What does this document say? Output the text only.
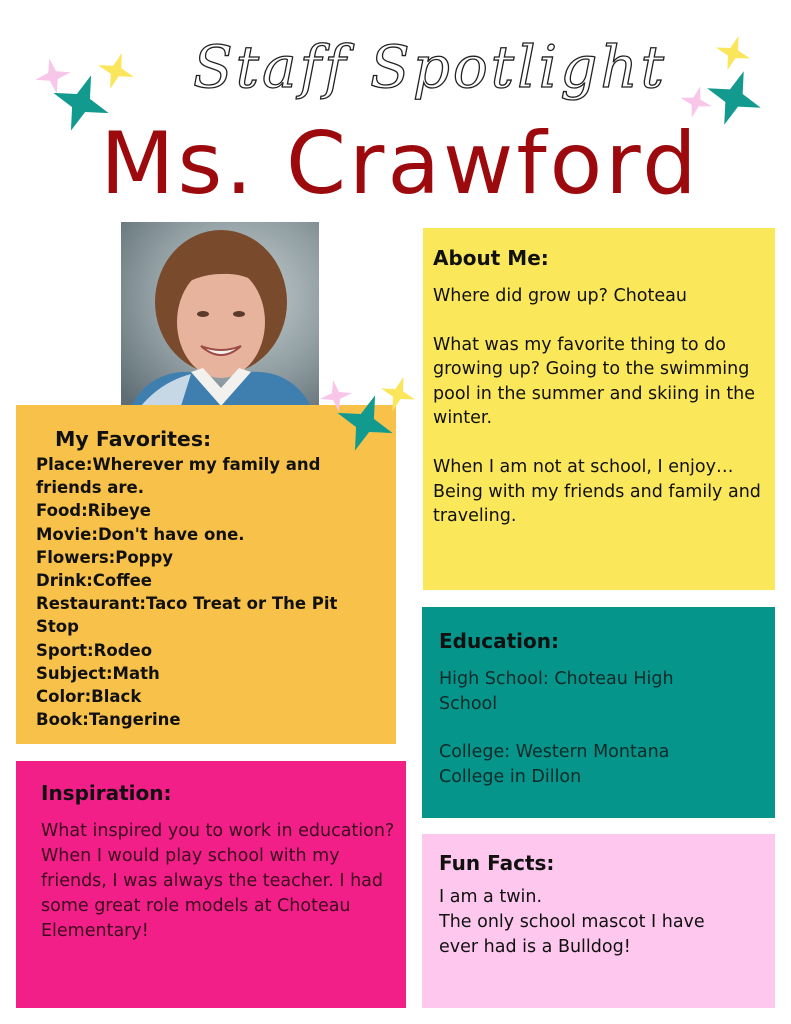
Staff Spotlight
Ms. Crawford
About Me:

Where did grow up? Choteau

What was my favorite thing to do growing up? Going to the swimming pool in the summer and skiing in the winter.

When I am not at school, I enjoy… Being with my friends and family and traveling.

My Favorites:
Place:Wherever my family and friends are.
Food:Ribeye
Movie:Don't have one.
Flowers:Poppy
Drink:Coffee
Restaurant:Taco Treat or The Pit Stop
Sport:Rodeo
Subject:Math
Color:Black
Book:Tangerine
Inspiration:

What inspired you to work in education? When I would play school with my friends, I was always the teacher. I had some great role models at Choteau Elementary!

Education:

High School: Choteau High School

College: Western Montana College in Dillon

Fun Facts:

I am a twin.

The only school mascot I have ever had is a Bulldog!
